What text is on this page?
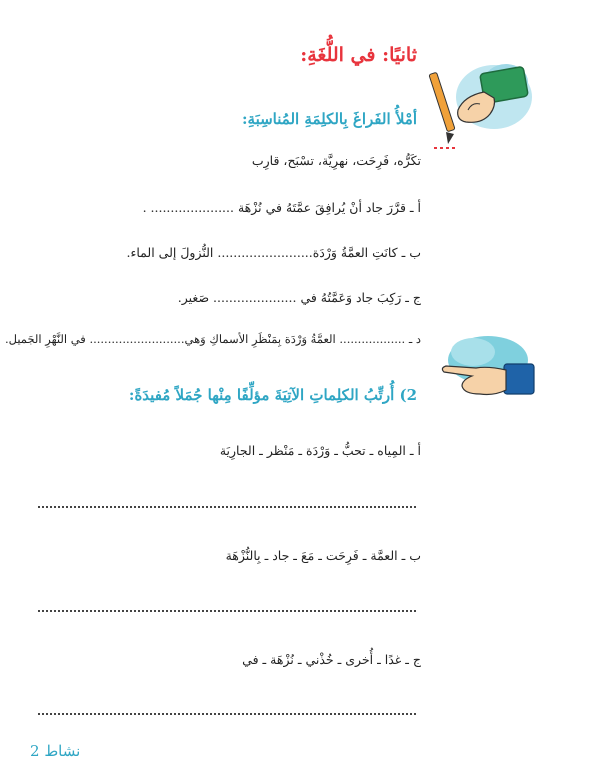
ثانيًا: في اللُّغَةِ:
أمْلأُ الفَراغَ بِالكلِمَةِ المُناسِبَةِ:
تكَرُّه، فَرِحَت، نهرِيَّة، تسْبَح، قارِب
أ ـ قرَّرَ جاد أنْ يُرافِقَ عمَّتَهُ في نُزْهَة ..................... .
ب ـ كانَتِ العمَّةُ وَرْدَة........................ النُّزولَ إلى الماء.
ج ـ رَكِبَ جاد وَعَمَّتُهُ في ..................... صَغير.
د ـ .................. العمَّةُ وَرْدَة بِمَنْظَرِ الأسماكِ وَهي.......................... في النَّهْرِ الجَميل.
2) أُرتِّبُ الكلِماتِ الآتِيَةَ مؤلِّفًا مِنْها جُمَلاً مُفيدَةً:
أ ـ المِياه ـ تحبُّ ـ وَرْدَة ـ مَنْظر ـ الجارِيَة
ب ـ العمَّة ـ فَرِحَت ـ مَعَ ـ جاد ـ بِالنُّزْهَة
ج ـ غدًا ـ أُخرى ـ خُذْني ـ نُزْهَة ـ في
نشاط 2
